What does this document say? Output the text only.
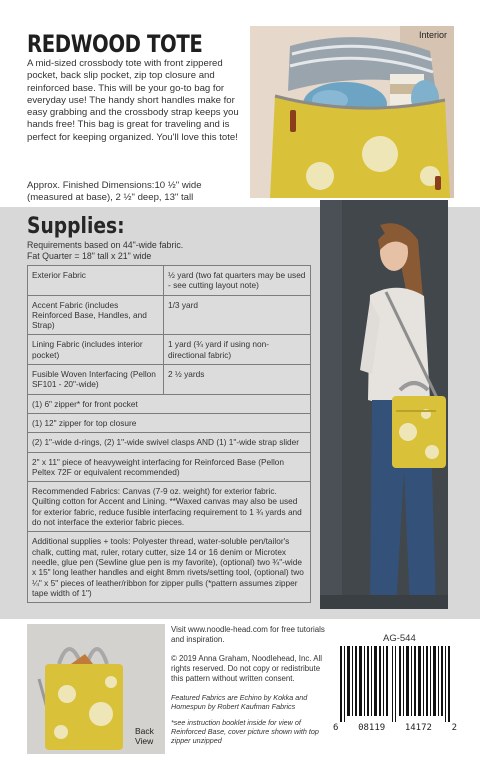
REDWOOD TOTE
A mid-sized crossbody tote with front zippered pocket, back slip pocket, zip top closure and reinforced base. This will be your go-to bag for everyday use! The handy short handles make for easy grabbing and the crossbody strap keeps you hands free! This bag is great for traveling and is perfect for keeping organized. You'll love this tote!
Approx. Finished Dimensions:10 ½" wide (measured at base), 2 ½" deep, 13" tall
Interior
Supplies:
Requirements based on 44"-wide fabric.
Fat Quarter = 18" tall x 21" wide
Exterior Fabric	½ yard (two fat quarters may be used - see cutting layout note)
Accent Fabric (includes Reinforced Base, Handles, and Strap)	1/3 yard
Lining Fabric (includes interior pocket)	1 yard (¾ yard if using non-directional fabric)
Fusible Woven Interfacing (Pellon SF101 - 20"-wide)	2 ½ yards
(1) 6" zipper* for front pocket	
(1) 12" zipper for top closure	
(2) 1"-wide d-rings, (2) 1"-wide swivel clasps AND (1) 1"-wide strap slider	
2" x 11" piece of heavyweight interfacing for Reinforced Base (Pellon Peltex 72F or equivalent recommended)	
Recommended Fabrics: Canvas (7-9 oz. weight) for exterior fabric. Quilting cotton for Accent and Lining. **Waxed canvas may also be used for exterior fabric, reduce fusible interfacing requirement to 1 ¾ yards and do not interface the exterior fabric pieces.	
Additional supplies + tools: Polyester thread, water-soluble pen/tailor's chalk, cutting mat, ruler, rotary cutter, size 14 or 16 denim or Microtex needle, glue pen (Sewline glue pen is my favorite), (optional) two ¾"-wide x 15" long leather handles and eight 8mm rivets/setting tool, (optional) two ¼" x 5" pieces of leather/ribbon for zipper pulls (*pattern assumes zipper tape width of 1")	
Back View

Visit www.noodle-head.com for free tutorials and inspiration.

© 2019 Anna Graham, Noodlehead, Inc. All rights reserved. Do not copy or redistribute this pattern without written consent.

Featured Fabrics are Echino by Kokka and Homespun by Robert Kaufman Fabrics

*see instruction booklet inside for view of Reinforced Base, cover picture shown with top zipper unzipped

AG-544
6 08119 14172 2
